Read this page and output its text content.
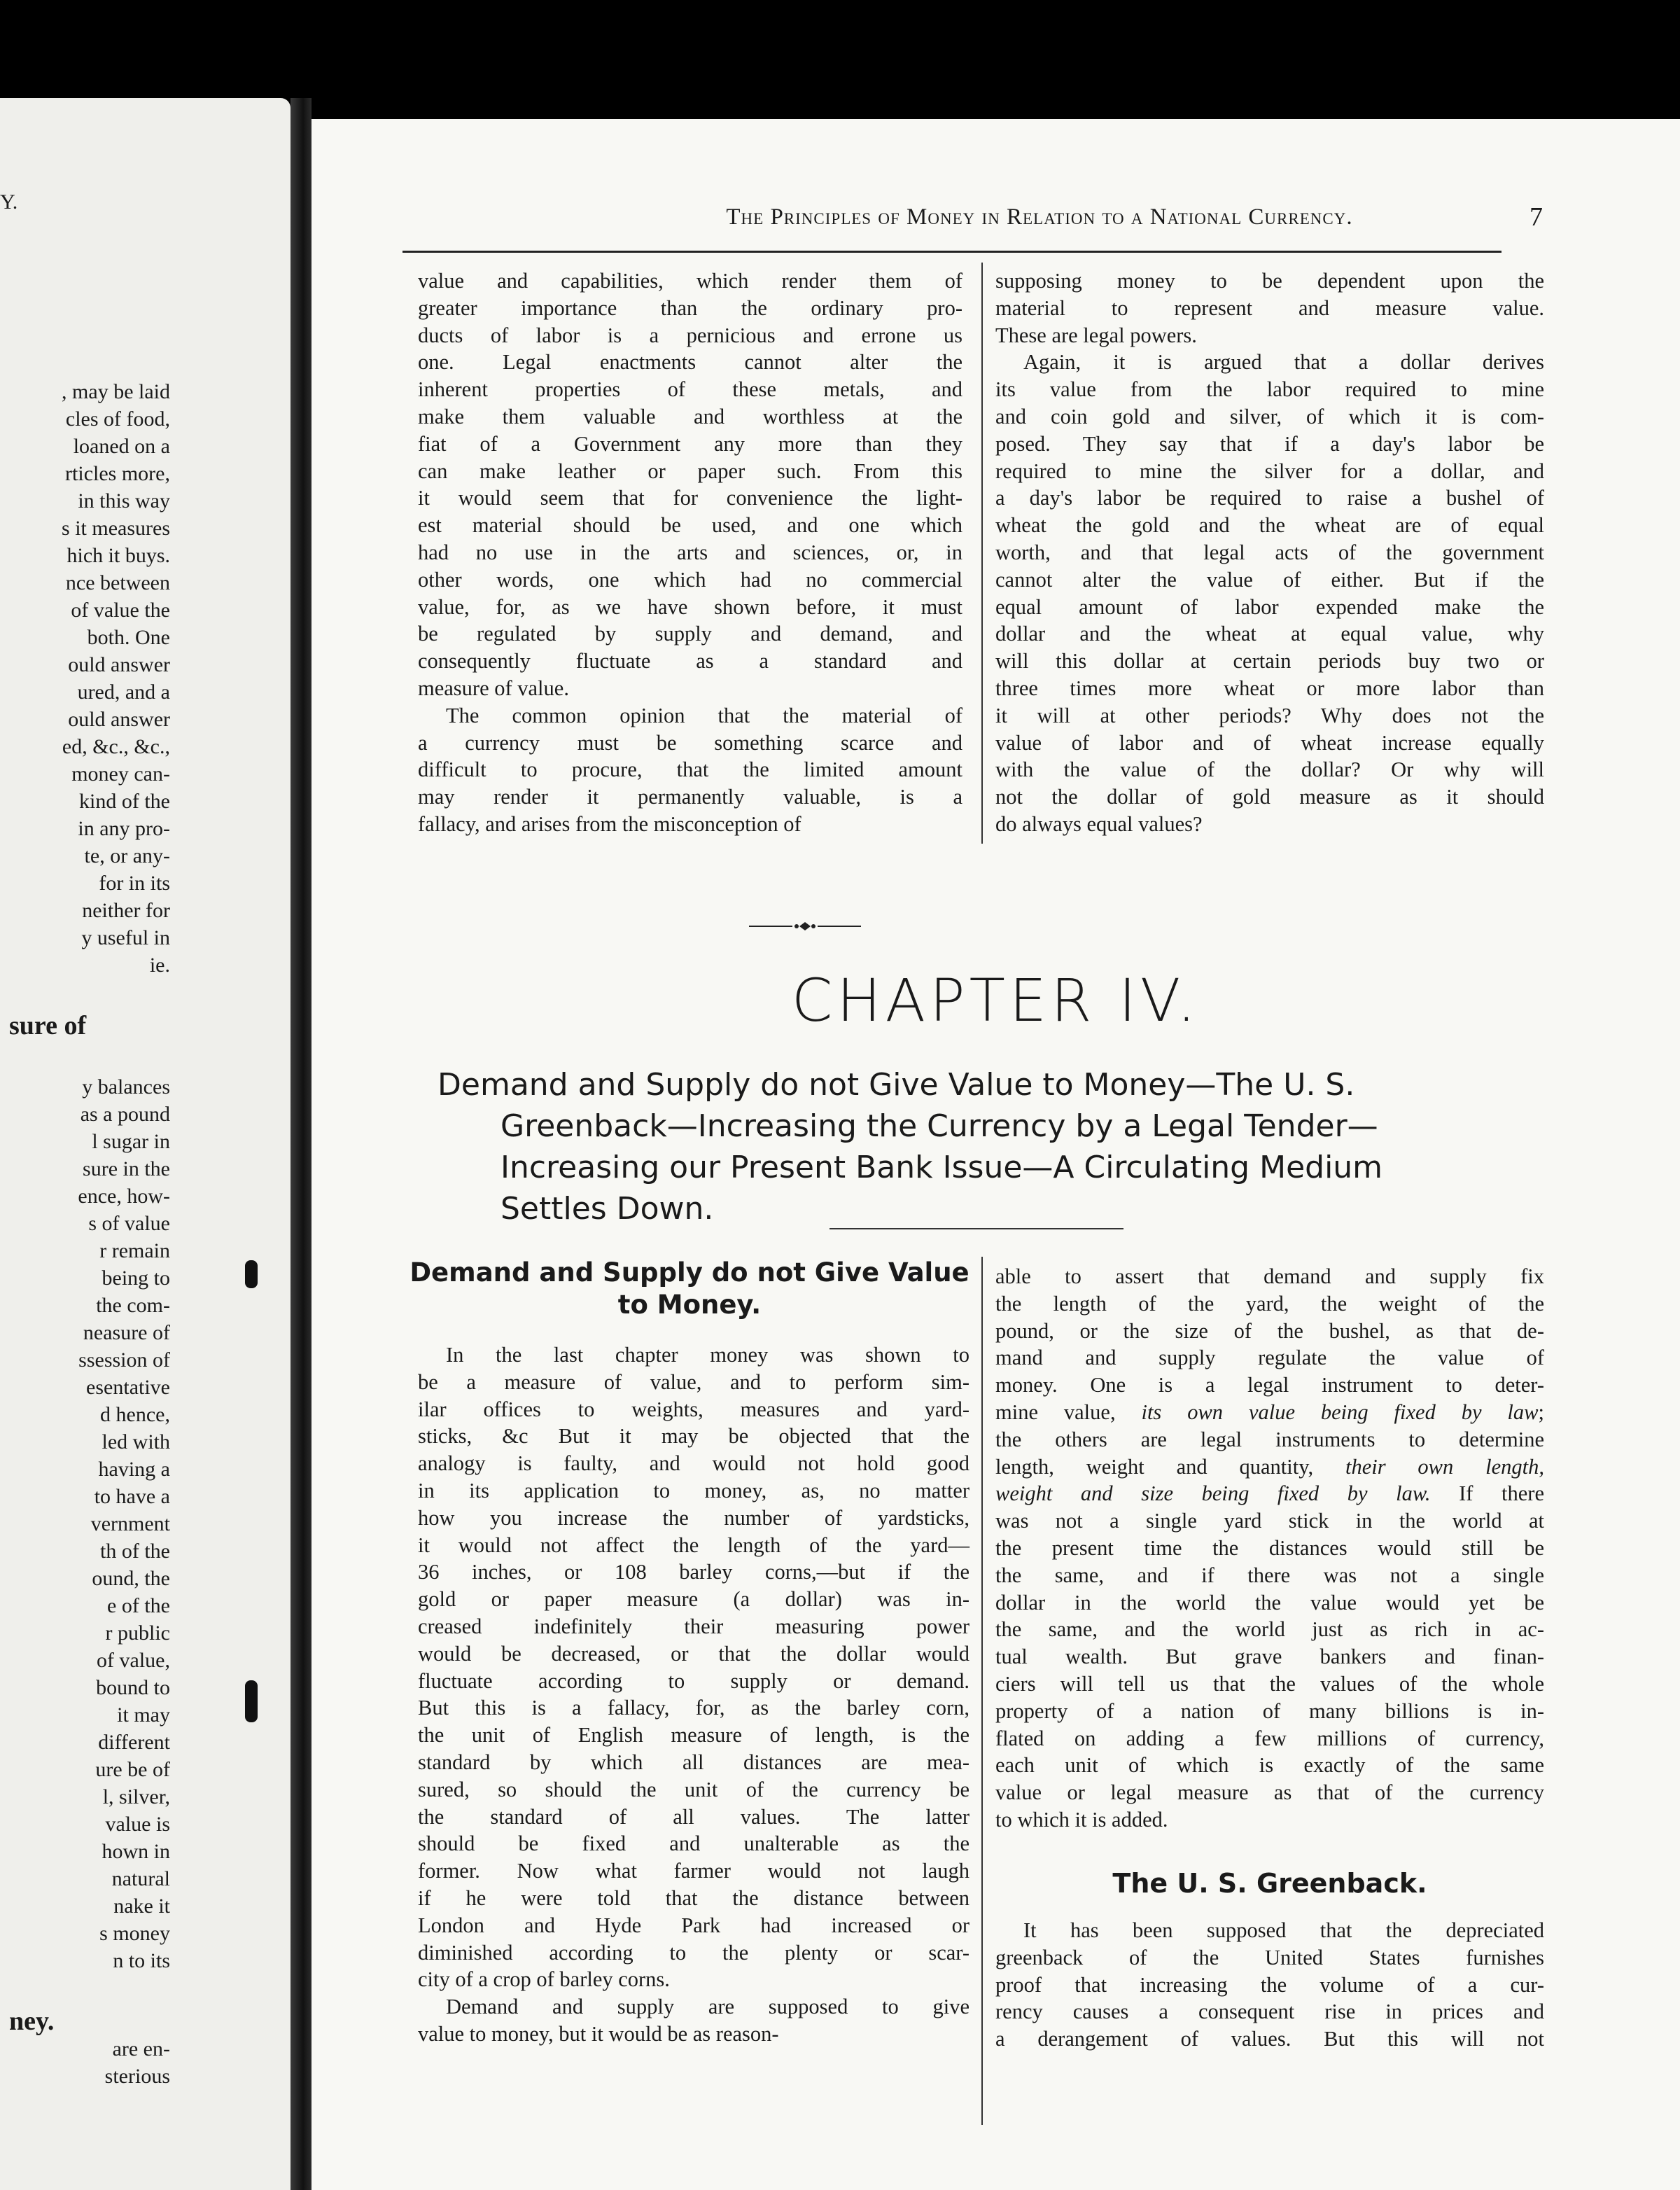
Y.
, may be laid
cles of food,
loaned on a
rticles more,
in this way
s it measures
hich it buys.
nce between
of value the
both. One
ould answer
ured, and a
ould answer
ed, &c., &c.,
money can-
kind of the
in any pro-
te, or any-
for in its
neither for
y useful in
ie.
sure of
y balances
as a pound
l sugar in
sure in the
ence, how-
s of value
r remain
being to
the com-
neasure of
ssession of
esentative
d hence,
led with
having a
to have a
vernment
th of the
ound, the
e of the
r public
of value,
bound to
it may
different
ure be of
l, silver,
value is
hown in
natural
nake it
s money
n to its
ney.
are en-
sterious
The Principles of Money in Relation to a National Currency.	7
value and capabilities, which render them of
greater importance than the ordinary pro-
ducts of labor is a pernicious and errone us
one. Legal enactments cannot alter the
inherent properties of these metals, and
make them valuable and worthless at the
fiat of a Government any more than they
can make leather or paper such. From this
it would seem that for convenience the light-
est material should be used, and one which
had no use in the arts and sciences, or, in
other words, one which had no commercial
value, for, as we have shown before, it must
be regulated by supply and demand, and
consequently fluctuate as a standard and
measure of value.
The common opinion that the material of
a currency must be something scarce and
difficult to procure, that the limited amount
may render it permanently valuable, is a
fallacy, and arises from the misconception of
supposing money to be dependent upon the
material to represent and measure value.
These are legal powers.
Again, it is argued that a dollar derives
its value from the labor required to mine
and coin gold and silver, of which it is com-
posed. They say that if a day's labor be
required to mine the silver for a dollar, and
a day's labor be required to raise a bushel of
wheat the gold and the wheat are of equal
worth, and that legal acts of the government
cannot alter the value of either. But if the
equal amount of labor expended make the
dollar and the wheat at equal value, why
will this dollar at certain periods buy two or
three times more wheat or more labor than
it will at other periods? Why does not the
value of labor and of wheat increase equally
with the value of the dollar? Or why will
not the dollar of gold measure as it should
do always equal values?
CHAPTER IV.
Demand and Supply do not Give Value to Money—The U. S.
Greenback—Increasing the Currency by a Legal Tender—
Increasing our Present Bank Issue—A Circulating Medium
Settles Down.
Demand and Supply do not Give Value
to Money.
In the last chapter money was shown to
be a measure of value, and to perform sim-
ilar offices to weights, measures and yard-
sticks, &c But it may be objected that the
analogy is faulty, and would not hold good
in its application to money, as, no matter
how you increase the number of yardsticks,
it would not affect the length of the yard—
36 inches, or 108 barley corns,—but if the
gold or paper measure (a dollar) was in-
creased indefinitely their measuring power
would be decreased, or that the dollar would
fluctuate according to supply or demand.
But this is a fallacy, for, as the barley corn,
the unit of English measure of length, is the
standard by which all distances are mea-
sured, so should the unit of the currency be
the standard of all values. The latter
should be fixed and unalterable as the
former. Now what farmer would not laugh
if he were told that the distance between
London and Hyde Park had increased or
diminished according to the plenty or scar-
city of a crop of barley corns.
Demand and supply are supposed to give
value to money, but it would be as reason-
able to assert that demand and supply fix
the length of the yard, the weight of the
pound, or the size of the bushel, as that de-
mand and supply regulate the value of
money. One is a legal instrument to deter-
mine value, its own value being fixed by law;
the others are legal instruments to determine
length, weight and quantity, their own length,
weight and size being fixed by law. If there
was not a single yard stick in the world at
the present time the distances would still be
the same, and if there was not a single
dollar in the world the value would yet be
the same, and the world just as rich in ac-
tual wealth. But grave bankers and finan-
ciers will tell us that the values of the whole
property of a nation of many billions is in-
flated on adding a few millions of currency,
each unit of which is exactly of the same
value or legal measure as that of the currency
to which it is added.
The U. S. Greenback.
It has been supposed that the depreciated
greenback of the United States furnishes
proof that increasing the volume of a cur-
rency causes a consequent rise in prices and
a derangement of values. But this will not
